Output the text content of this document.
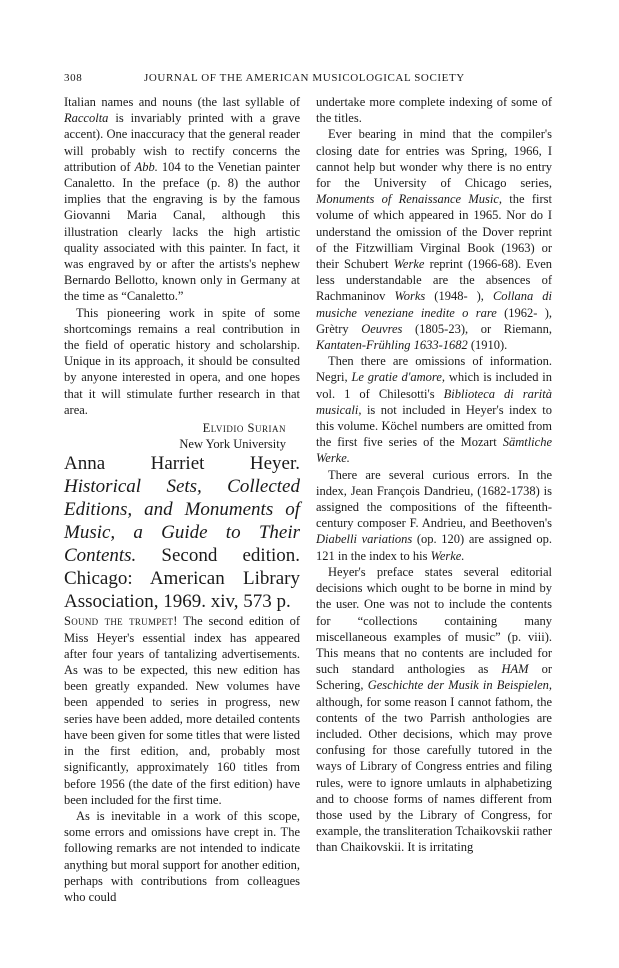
308	JOURNAL OF THE AMERICAN MUSICOLOGICAL SOCIETY

Italian names and nouns (the last syllable of Raccolta is invariably printed with a grave accent). One inaccuracy that the general reader will probably wish to rectify concerns the attribution of Abb. 104 to the Venetian painter Canaletto. In the preface (p. 8) the author implies that the engraving is by the famous Giovanni Maria Canal, although this illustration clearly lacks the high artistic quality associated with this painter. In fact, it was engraved by or after the artists's nephew Bernardo Bellotto, known only in Germany at the time as “Canaletto.”

This pioneering work in spite of some shortcomings remains a real contribution in the field of operatic history and scholarship. Unique in its approach, it should be consulted by anyone interested in opera, and one hopes that it will stimulate further research in that area.

Elvidio Surian
New York University

Anna Harriet Heyer. Historical Sets, Collected Editions, and Monuments of Music, a Guide to Their Contents. Second edition. Chicago: American Library Association, 1969. xiv, 573 p.

Sound the trumpet! The second edition of Miss Heyer's essential index has appeared after four years of tantalizing advertisements. As was to be expected, this new edition has been greatly expanded. New volumes have been appended to series in progress, new series have been added, more detailed contents have been given for some titles that were listed in the first edition, and, probably most significantly, approximately 160 titles from before 1956 (the date of the first edition) have been included for the first time.

As is inevitable in a work of this scope, some errors and omissions have crept in. The following remarks are not intended to indicate anything but moral support for another edition, perhaps with contributions from colleagues who could

undertake more complete indexing of some of the titles.

Ever bearing in mind that the compiler's closing date for entries was Spring, 1966, I cannot help but wonder why there is no entry for the University of Chicago series, Monuments of Renaissance Music, the first volume of which appeared in 1965. Nor do I understand the omission of the Dover reprint of the Fitzwilliam Virginal Book (1963) or their Schubert Werke reprint (1966-68). Even less understandable are the absences of Rachmaninov Works (1948- ), Collana di musiche veneziane inedite o rare (1962- ), Grètry Oeuvres (1805-23), or Riemann, Kantaten-Frühling 1633-1682 (1910).

Then there are omissions of information. Negri, Le gratie d'amore, which is included in vol. 1 of Chilesotti's Biblioteca di rarità musicali, is not included in Heyer's index to this volume. Köchel numbers are omitted from the first five series of the Mozart Sämtliche Werke.

There are several curious errors. In the index, Jean François Dandrieu, (1682-1738) is assigned the compositions of the fifteenth-century composer F. Andrieu, and Beethoven's Diabelli variations (op. 120) are assigned op. 121 in the index to his Werke.

Heyer's preface states several editorial decisions which ought to be borne in mind by the user. One was not to include the contents for “collections containing many miscellaneous examples of music” (p. viii). This means that no contents are included for such standard anthologies as HAM or Schering, Geschichte der Musik in Beispielen, although, for some reason I cannot fathom, the contents of the two Parrish anthologies are included. Other decisions, which may prove confusing for those carefully tutored in the ways of Library of Congress entries and filing rules, were to ignore umlauts in alphabetizing and to choose forms of names different from those used by the Library of Congress, for example, the transliteration Tchaikovskii rather than Chaikovskii. It is irritating
